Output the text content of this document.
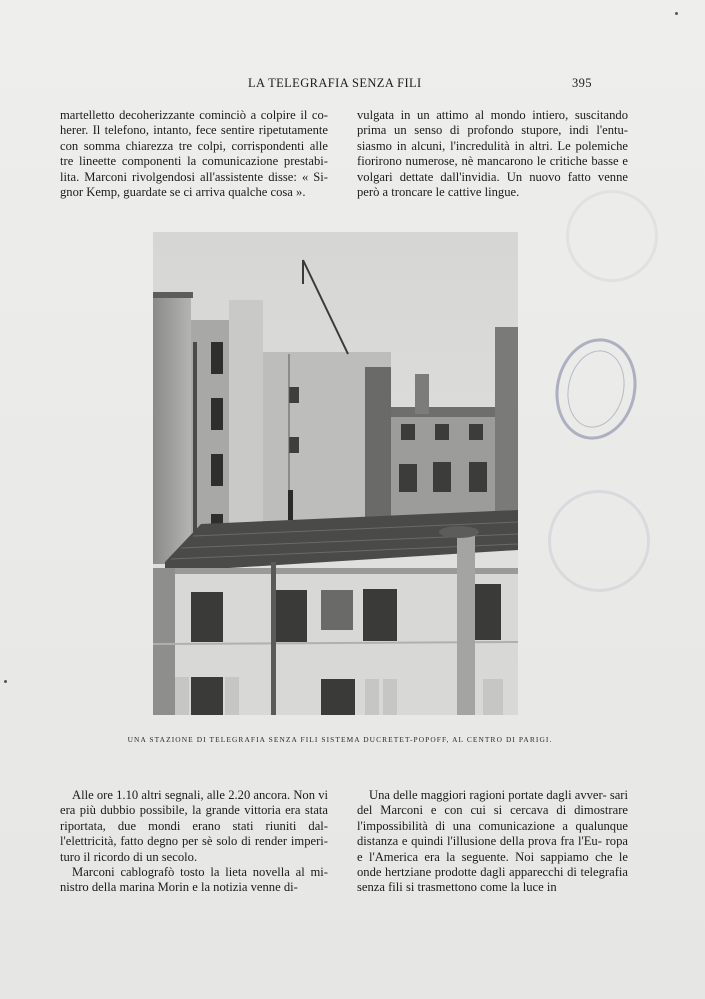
LA TELEGRAFIA SENZA FILI	395

martelletto decoherizzante cominciò a colpire il co- herer. Il telefono, intanto, fece sentire ripetutamente con somma chiarezza tre colpi, corrispondenti alle tre lineette componenti la comunicazione prestabi- lita. Marconi rivolgendosi all'assistente disse: « Si- gnor Kemp, guardate se ci arriva qualche cosa ».

vulgata in un attimo al mondo intiero, suscitando prima un senso di profondo stupore, indi l'entu- siasmo in alcuni, l'incredulità in altri. Le polemiche fiorirono numerose, nè mancarono le critiche basse e volgari dettate dall'invidia. Un nuovo fatto venne però a troncare le cattive lingue.

UNA STAZIONE DI TELEGRAFIA SENZA FILI SISTEMA DUCRETET-POPOFF, AL CENTRO DI PARIGI.

Alle ore 1.10 altri segnali, alle 2.20 ancora. Non vi era più dubbio possibile, la grande vittoria era stata riportata, due mondi erano stati riuniti dal- l'elettricità, fatto degno per sè solo di render imperi- turo il ricordo di un secolo.

Marconi cablografò tosto la lieta novella al mi- nistro della marina Morin e la notizia venne di-

Una delle maggiori ragioni portate dagli avver- sari del Marconi e con cui si cercava di dimostrare l'impossibilità di una comunicazione a qualunque distanza e quindi l'illusione della prova fra l'Eu- ropa e l'America era la seguente. Noi sappiamo che le onde hertziane prodotte dagli apparecchi di telegrafia senza fili si trasmettono come la luce in
